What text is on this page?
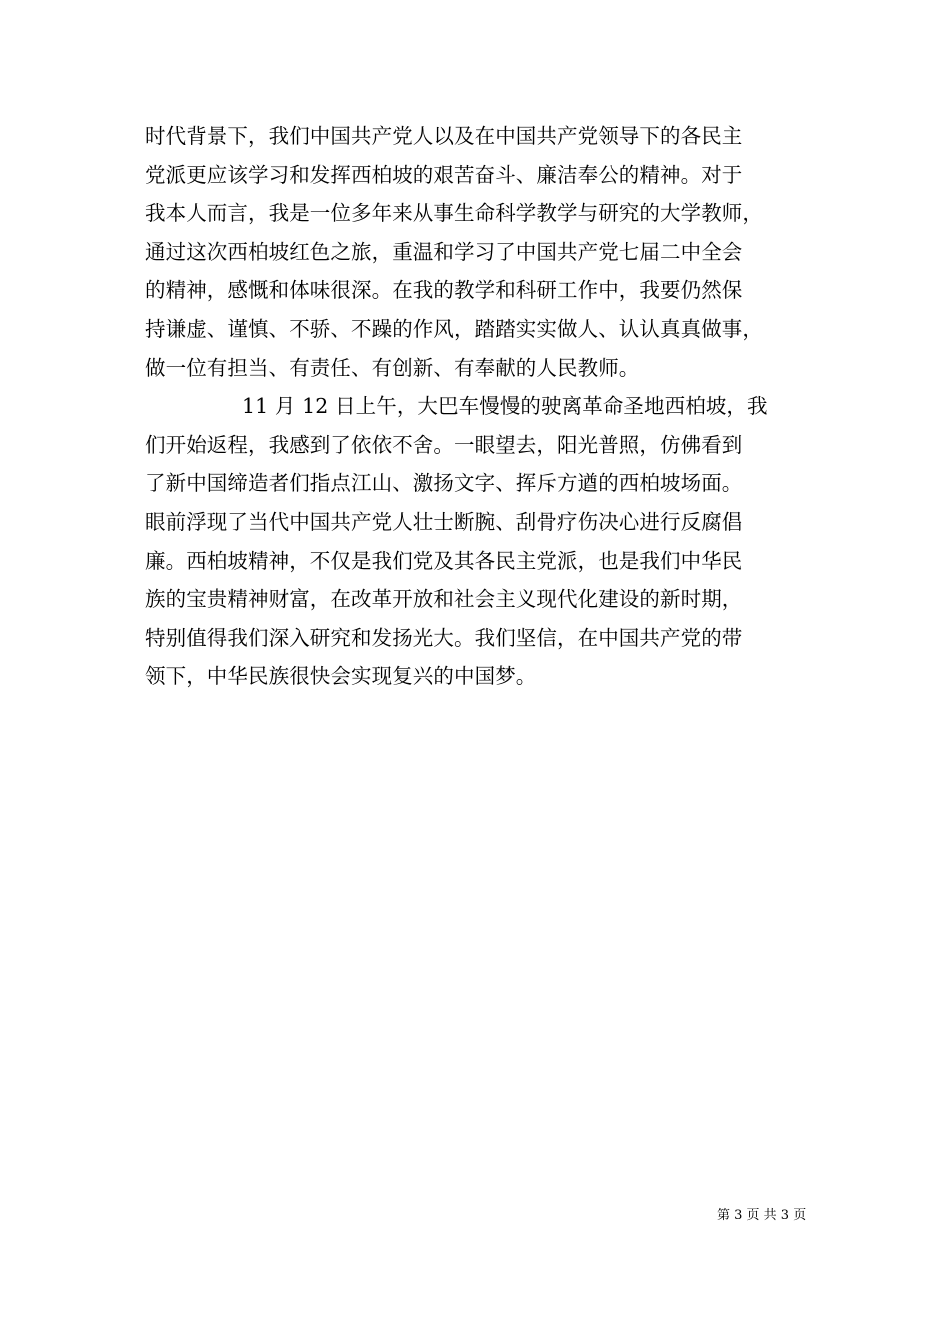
时代背景下，我们中国共产党人以及在中国共产党领导下的各民主
党派更应该学习和发挥西柏坡的艰苦奋斗、廉洁奉公的精神。对于
我本人而言，我是一位多年来从事生命科学教学与研究的大学教师，
通过这次西柏坡红色之旅，重温和学习了中国共产党七届二中全会
的精神，感慨和体味很深。在我的教学和科研工作中，我要仍然保
持谦虚、谨慎、不骄、不躁的作风，踏踏实实做人、认认真真做事，
做一位有担当、有责任、有创新、有奉献的人民教师。
11 月 12 日上午，大巴车慢慢的驶离革命圣地西柏坡，我
们开始返程，我感到了依依不舍。一眼望去，阳光普照，仿佛看到
了新中国缔造者们指点江山、激扬文字、挥斥方遒的西柏坡场面。
眼前浮现了当代中国共产党人壮士断腕、刮骨疗伤决心进行反腐倡
廉。西柏坡精神，不仅是我们党及其各民主党派，也是我们中华民
族的宝贵精神财富，在改革开放和社会主义现代化建设的新时期，
特别值得我们深入研究和发扬光大。我们坚信，在中国共产党的带
领下，中华民族很快会实现复兴的中国梦。
第 3 页 共 3 页
